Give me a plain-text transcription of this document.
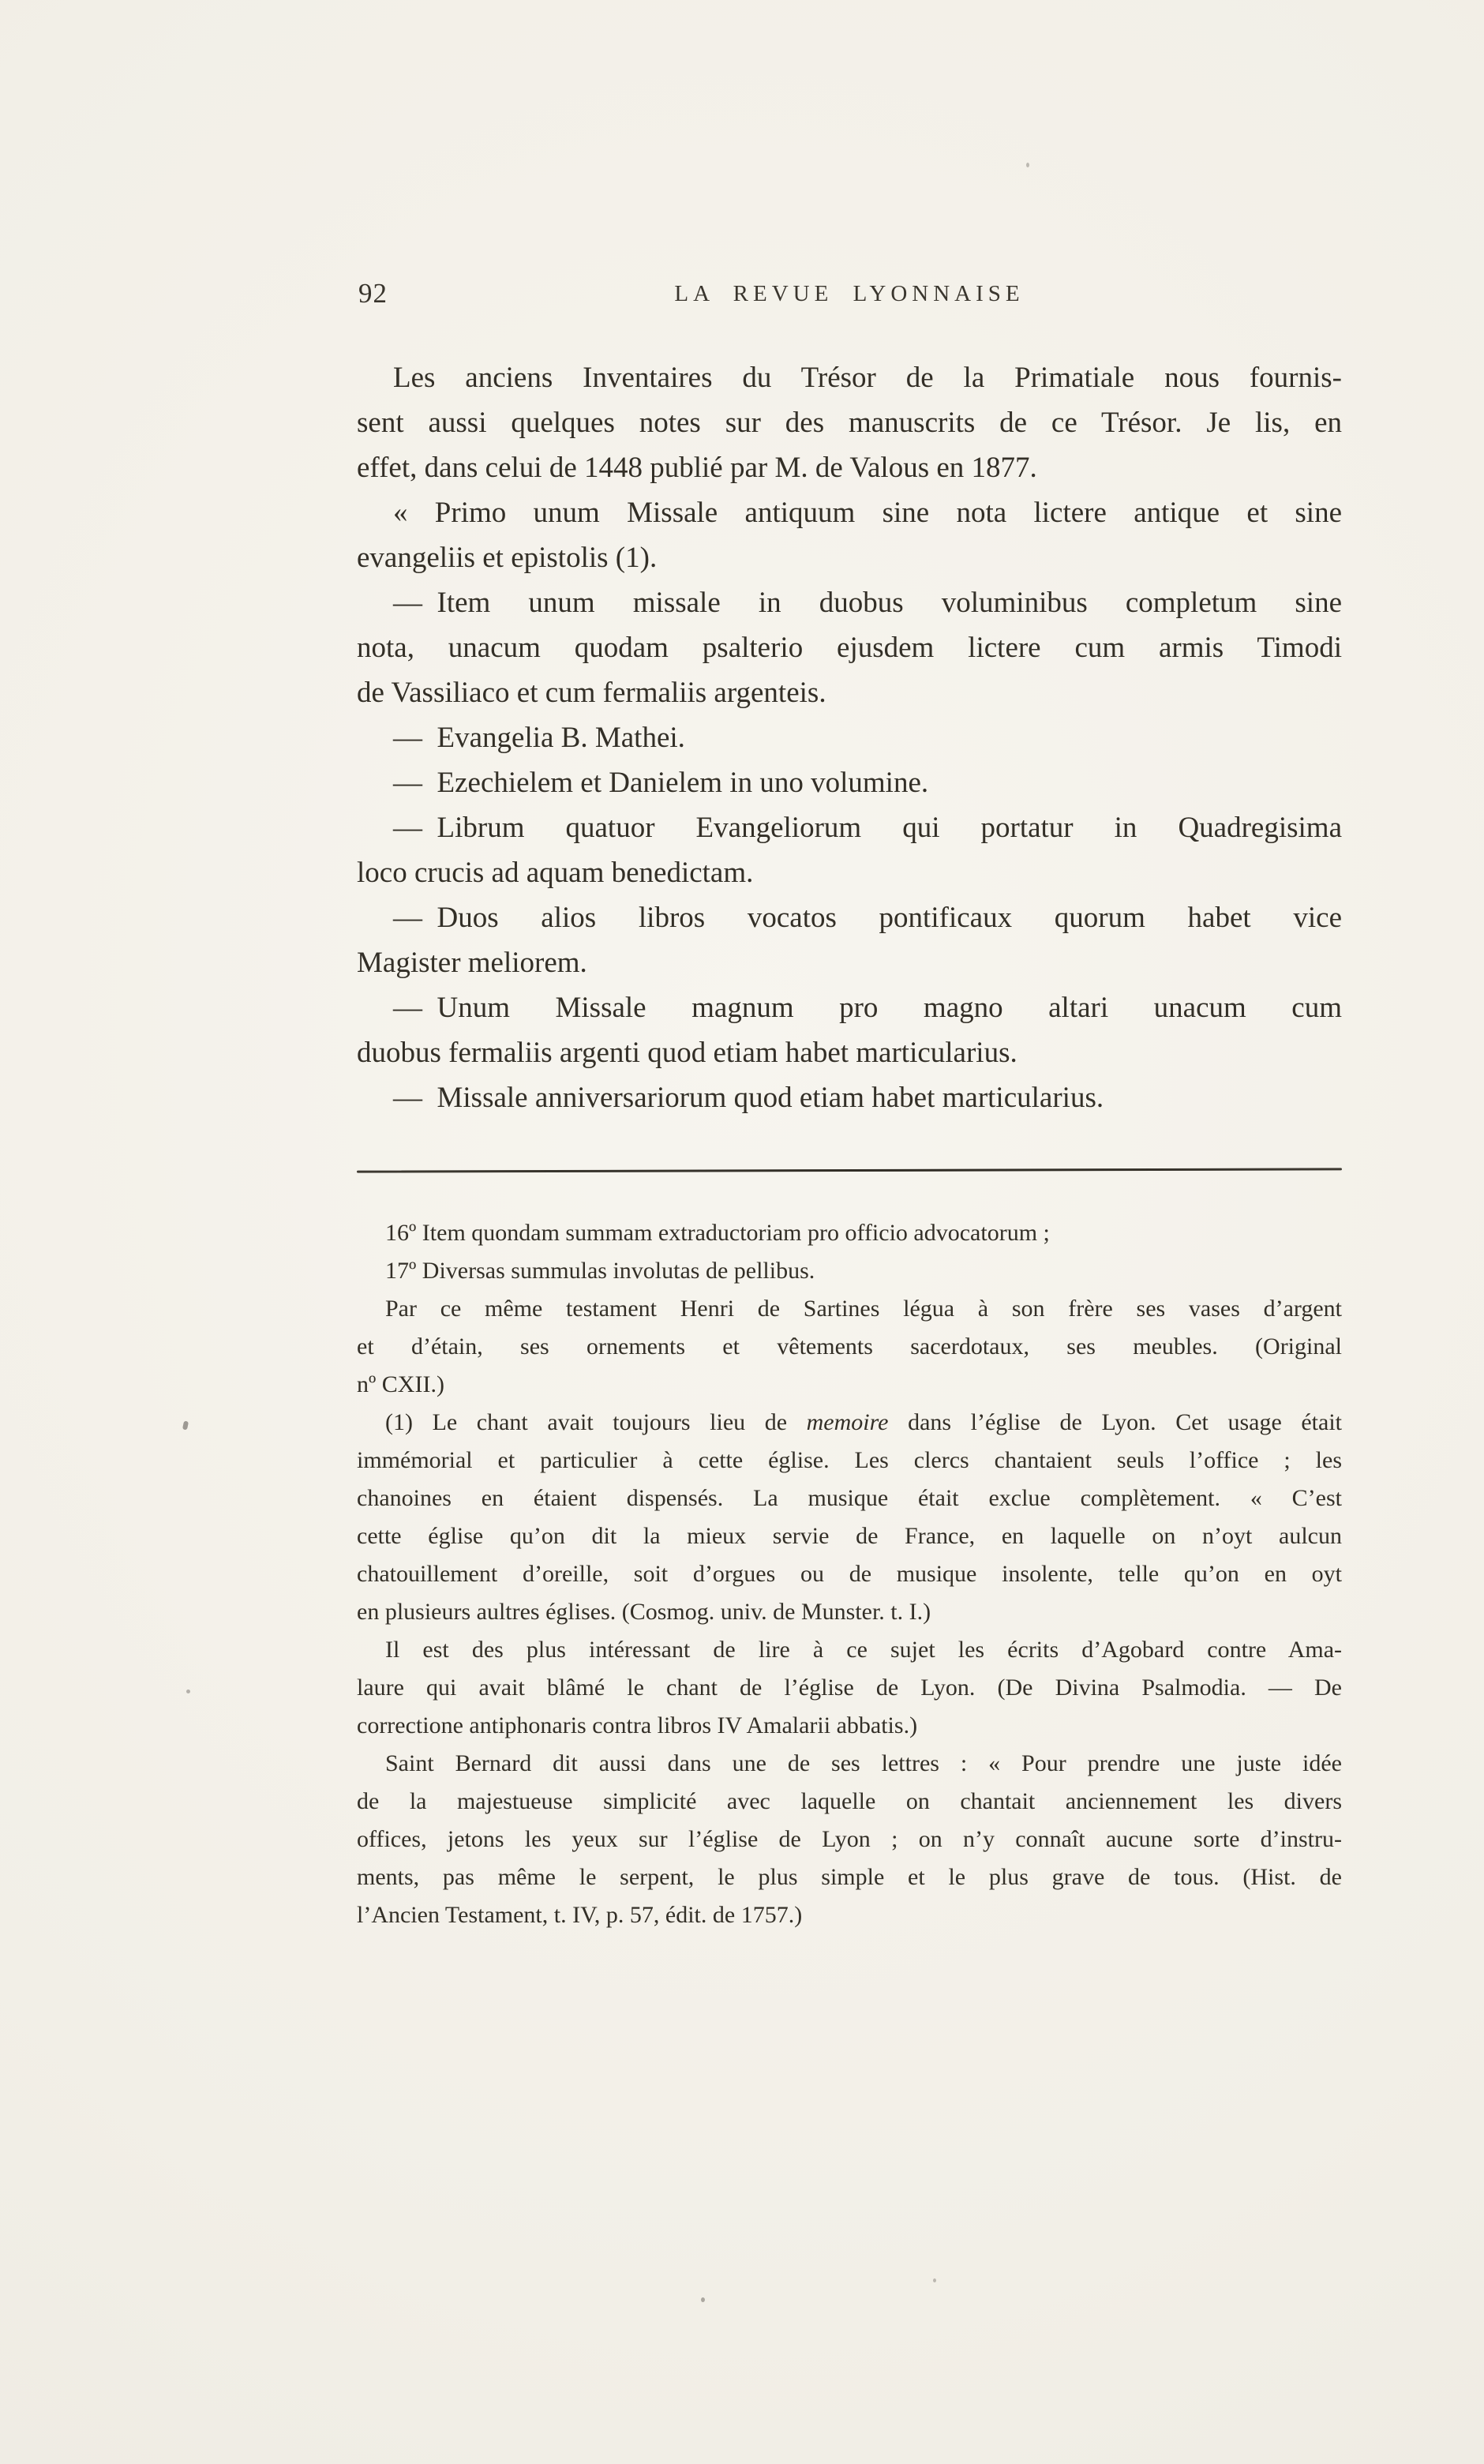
92	LA REVUE LYONNAISE
Les anciens Inventaires du Trésor de la Primatiale nous fournis-
sent aussi quelques notes sur des manuscrits de ce Trésor. Je lis, en
effet, dans celui de 1448 publié par M. de Valous en 1877.
« Primo unum Missale antiquum sine nota lictere antique et sine
evangeliis et epistolis (1).
— Item unum missale in duobus voluminibus completum sine
nota, unacum quodam psalterio ejusdem lictere cum armis Timodi
de Vassiliaco et cum fermaliis argenteis.
— Evangelia B. Mathei.
— Ezechielem et Danielem in uno volumine.
— Librum quatuor Evangeliorum qui portatur in Quadregisima
loco crucis ad aquam benedictam.
— Duos alios libros vocatos pontificaux quorum habet vice
Magister meliorem.
— Unum Missale magnum pro magno altari unacum cum
duobus fermaliis argenti quod etiam habet marticularius.
— Missale anniversariorum quod etiam habet marticularius.
16º Item quondam summam extraductoriam pro officio advocatorum ;
17º Diversas summulas involutas de pellibus.
Par ce même testament Henri de Sartines légua à son frère ses vases d’argent
et d’étain, ses ornements et vêtements sacerdotaux, ses meubles. (Original
nº CXII.)
(1) Le chant avait toujours lieu de memoire dans l’église de Lyon. Cet usage était
immémorial et particulier à cette église. Les clercs chantaient seuls l’office ; les
chanoines en étaient dispensés. La musique était exclue complètement. « C’est
cette église qu’on dit la mieux servie de France, en laquelle on n’oyt aulcun
chatouillement d’oreille, soit d’orgues ou de musique insolente, telle qu’on en oyt
en plusieurs aultres églises. (Cosmog. univ. de Munster. t. I.)
Il est des plus intéressant de lire à ce sujet les écrits d’Agobard contre Ama-
laure qui avait blâmé le chant de l’église de Lyon. (De Divina Psalmodia. — De
correctione antiphonaris contra libros IV Amalarii abbatis.)
Saint Bernard dit aussi dans une de ses lettres : « Pour prendre une juste idée
de la majestueuse simplicité avec laquelle on chantait anciennement les divers
offices, jetons les yeux sur l’église de Lyon ; on n’y connaît aucune sorte d’instru-
ments, pas même le serpent, le plus simple et le plus grave de tous. (Hist. de
l’Ancien Testament, t. IV, p. 57, édit. de 1757.)
